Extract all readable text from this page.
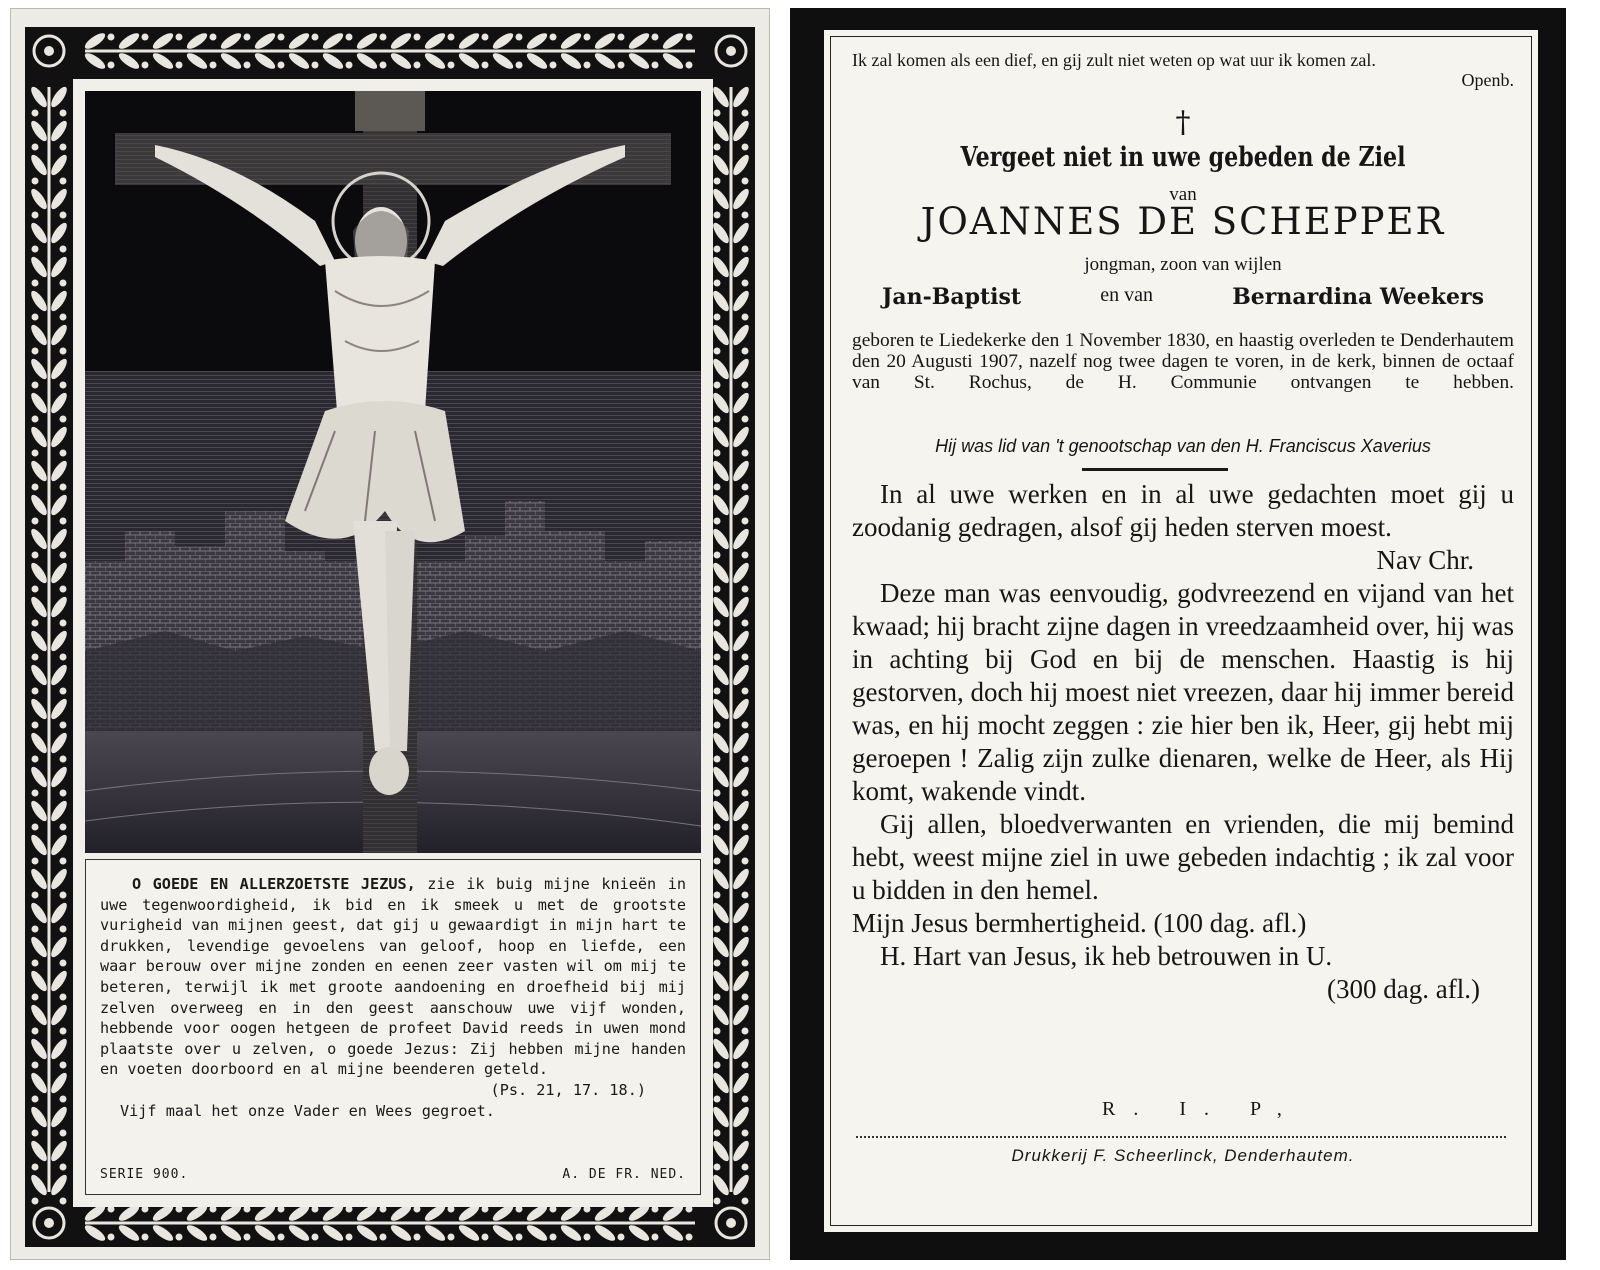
O GOEDE EN ALLERZOETSTE JEZUS, zie ik buig mijne knieën in uwe tegenwoordigheid, ik bid en ik smeek u met de grootste vurigheid van mijnen geest, dat gij u gewaardigt in mijn hart te drukken, levendige gevoelens van geloof, hoop en liefde, een waar berouw over mijne zonden en eenen zeer vasten wil om mij te beteren, terwijl ik met groote aandoening en droefheid bij mij zelven overweeg en in den geest aanschouw uwe vijf wonden, hebbende voor oogen hetgeen de profeet David reeds in uwen mond plaatste over u zelven, o goede Jezus: Zij hebben mijne handen en voeten doorboord en al mijne beenderen geteld.
(Ps. 21, 17. 18.)
Vijf maal het onze Vader en Wees gegroet.
SERIE 900.	A. DE FR. NED.
Ik zal komen als een dief, en gij zult niet weten op wat uur ik komen zal.
Openb.
†
Vergeet niet in uwe gebeden de Ziel
van
JOANNES DE SCHEPPER
jongman, zoon van wijlen
Jan-Baptist	en van	Bernardina Weekers
geboren te Liedekerke den 1 November 1830, en haastig overleden te Denderhautem den 20 Augusti 1907, nazelf nog twee dagen te voren, in de kerk, binnen de octaaf van St. Rochus, de H. Communie ontvangen te hebben.
Hij was lid van 't genootschap van den H. Franciscus Xaverius

In al uwe werken en in al uwe gedachten moet gij u zoodanig gedragen, alsof gij heden sterven moest.

Nav Chr.

Deze man was eenvoudig, godvreezend en vijand van het kwaad; hij bracht zijne dagen in vreedzaamheid over, hij was in achting bij God en bij de menschen. Haastig is hij gestorven, doch hij moest niet vreezen, daar hij immer bereid was, en hij mocht zeggen : zie hier ben ik, Heer, gij hebt mij geroepen ! Zalig zijn zulke dienaren, welke de Heer, als Hij komt, wakende vindt.

Gij allen, bloedverwanten en vrienden, die mij bemind hebt, weest mijne ziel in uwe gebeden indachtig ; ik zal voor u bidden in den hemel.

Mijn Jesus bermhertigheid. (100 dag. afl.)

H. Hart van Jesus, ik heb betrouwen in U.

(300 dag. afl.)

R. I. P,
Drukkerij F. Scheerlinck, Denderhautem.
